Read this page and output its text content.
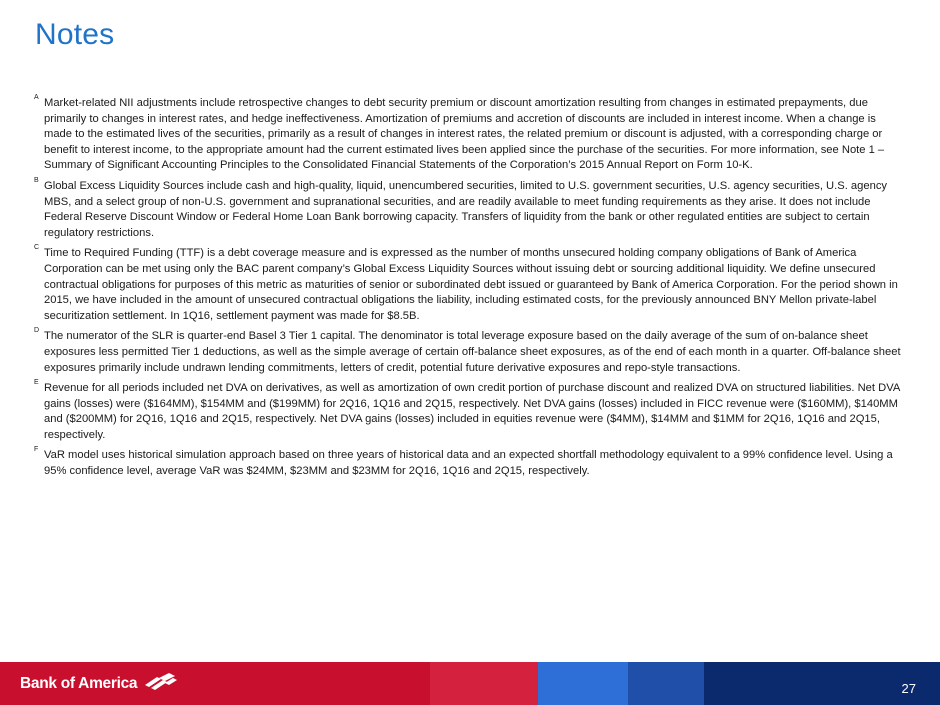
Notes

A Market-related NII adjustments include retrospective changes to debt security premium or discount amortization resulting from changes in estimated prepayments, due primarily to changes in interest rates, and hedge ineffectiveness. Amortization of premiums and accretion of discounts are included in interest income. When a change is made to the estimated lives of the securities, primarily as a result of changes in interest rates, the related premium or discount is adjusted, with a corresponding charge or benefit to interest income, to the appropriate amount had the current estimated lives been applied since the purchase of the securities. For more information, see Note 1 – Summary of Significant Accounting Principles to the Consolidated Financial Statements of the Corporation’s 2015 Annual Report on Form 10-K.

B Global Excess Liquidity Sources include cash and high-quality, liquid, unencumbered securities, limited to U.S. government securities, U.S. agency securities, U.S. agency MBS, and a select group of non-U.S. government and supranational securities, and are readily available to meet funding requirements as they arise. It does not include Federal Reserve Discount Window or Federal Home Loan Bank borrowing capacity. Transfers of liquidity from the bank or other regulated entities are subject to certain regulatory restrictions.

C Time to Required Funding (TTF) is a debt coverage measure and is expressed as the number of months unsecured holding company obligations of Bank of America Corporation can be met using only the BAC parent company’s Global Excess Liquidity Sources without issuing debt or sourcing additional liquidity. We define unsecured contractual obligations for purposes of this metric as maturities of senior or subordinated debt issued or guaranteed by Bank of America Corporation. For the period shown in 2015, we have included in the amount of unsecured contractual obligations the liability, including estimated costs, for the previously announced BNY Mellon private-label securitization settlement. In 1Q16, settlement payment was made for $8.5B.

D The numerator of the SLR is quarter-end Basel 3 Tier 1 capital. The denominator is total leverage exposure based on the daily average of the sum of on-balance sheet exposures less permitted Tier 1 deductions, as well as the simple average of certain off-balance sheet exposures, as of the end of each month in a quarter. Off-balance sheet exposures primarily include undrawn lending commitments, letters of credit, potential future derivative exposures and repo-style transactions.

E Revenue for all periods included net DVA on derivatives, as well as amortization of own credit portion of purchase discount and realized DVA on structured liabilities. Net DVA gains (losses) were ($164MM), $154MM and ($199MM) for 2Q16, 1Q16 and 2Q15, respectively. Net DVA gains (losses) included in FICC revenue were ($160MM), $140MM and ($200MM) for 2Q16, 1Q16 and 2Q15, respectively. Net DVA gains (losses) included in equities revenue were ($4MM), $14MM and $1MM for 2Q16, 1Q16 and 2Q15, respectively.

F VaR model uses historical simulation approach based on three years of historical data and an expected shortfall methodology equivalent to a 99% confidence level. Using a 95% confidence level, average VaR was $24MM, $23MM and $23MM for 2Q16, 1Q16 and 2Q15, respectively.

Bank of America	27
